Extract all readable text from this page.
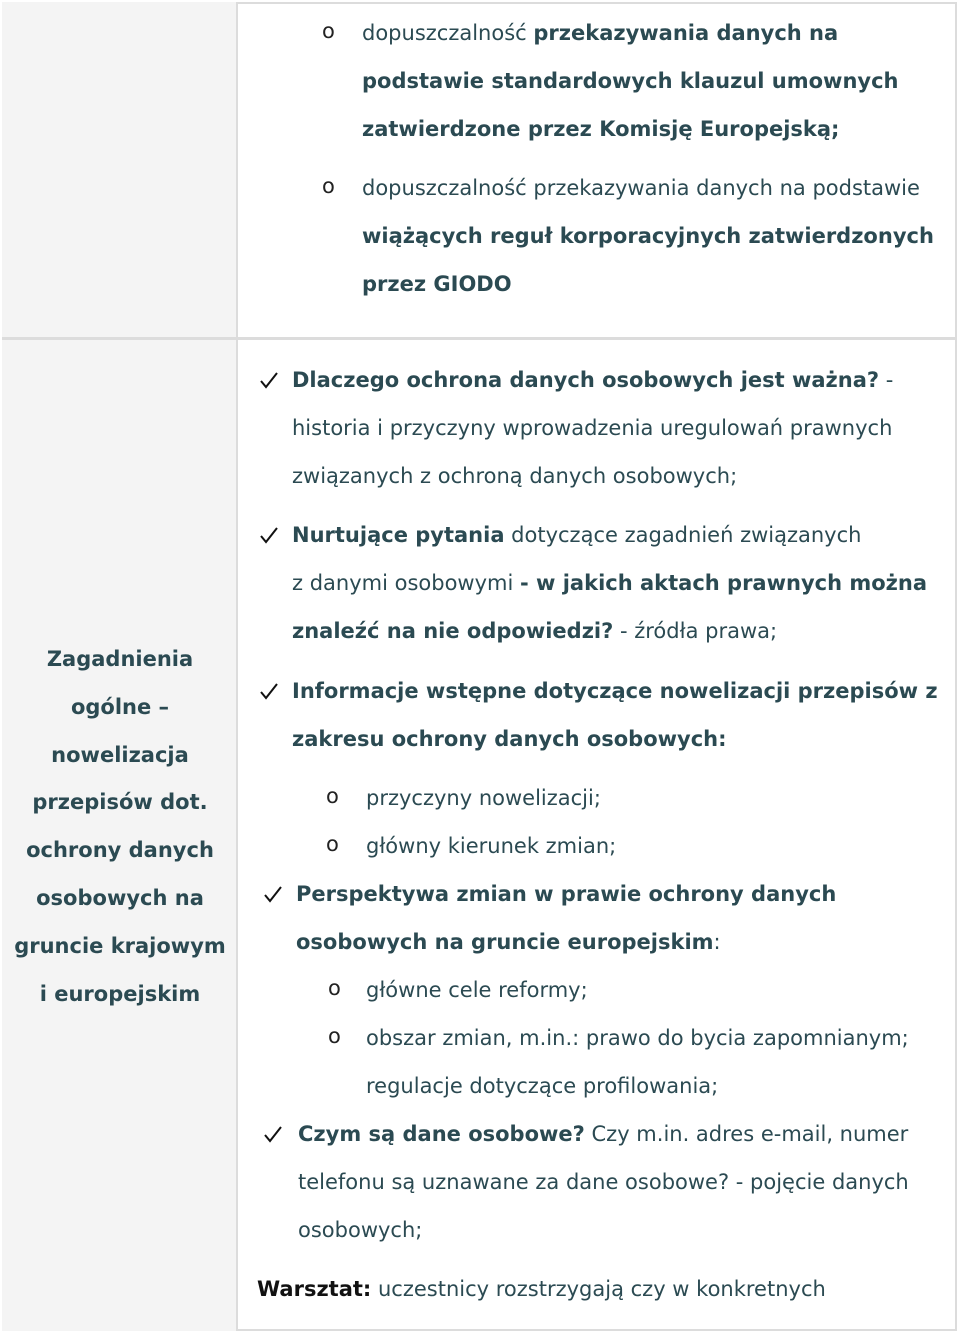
Zagadnienia
ogólne –
nowelizacja
przepisów dot.
ochrony danych
osobowych na
gruncie krajowym
i europejskim
o dopuszczalność przekazywania danych na
podstawie standardowych klauzul umownych
zatwierdzone przez Komisję Europejską;
o dopuszczalność przekazywania danych na podstawie
wiążących reguł korporacyjnych zatwierdzonych
przez GIODO
Dlaczego ochrona danych osobowych jest ważna? -
historia i przyczyny wprowadzenia uregulowań prawnych
związanych z ochroną danych osobowych;
Nurtujące pytania dotyczące zagadnień związanych
z danymi osobowymi - w jakich aktach prawnych można
znaleźć na nie odpowiedzi? - źródła prawa;
Informacje wstępne dotyczące nowelizacji przepisów z
zakresu ochrony danych osobowych:
o przyczyny nowelizacji;
o główny kierunek zmian;
Perspektywa zmian w prawie ochrony danych
osobowych na gruncie europejskim:
o główne cele reformy;
o obszar zmian, m.in.: prawo do bycia zapomnianym;
regulacje dotyczące profilowania;
Czym są dane osobowe? Czy m.in. adres e-mail, numer
telefonu są uznawane za dane osobowe? - pojęcie danych
osobowych;
Warsztat: uczestnicy rozstrzygają czy w konkretnych
